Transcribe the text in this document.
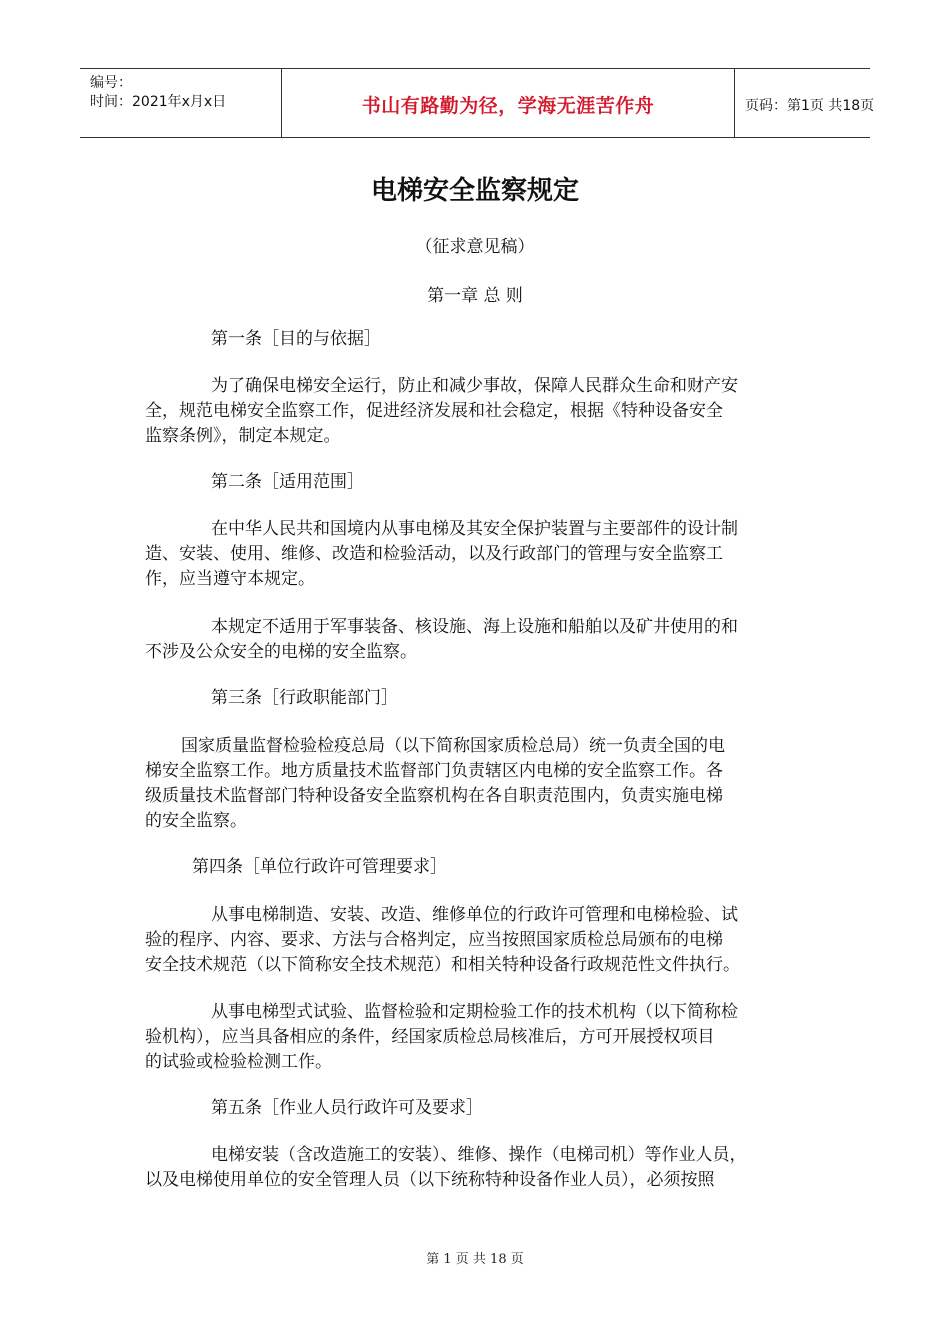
编号：
时间：2021年x月x日	书山有路勤为径，学海无涯苦作舟	页码：第1页 共18页
电梯安全监察规定
（征求意见稿）
第一章 总 则
第一条［目的与依据］
为了确保电梯安全运行，防止和减少事故，保障人民群众生命和财产安
全，规范电梯安全监察工作，促进经济发展和社会稳定，根据《特种设备安全
监察条例》，制定本规定。
第二条［适用范围］
在中华人民共和国境内从事电梯及其安全保护装置与主要部件的设计制
造、安装、使用、维修、改造和检验活动，以及行政部门的管理与安全监察工
作，应当遵守本规定。
本规定不适用于军事装备、核设施、海上设施和船舶以及矿井使用的和
不涉及公众安全的电梯的安全监察。
第三条［行政职能部门］
国家质量监督检验检疫总局（以下简称国家质检总局）统一负责全国的电
梯安全监察工作。地方质量技术监督部门负责辖区内电梯的安全监察工作。各
级质量技术监督部门特种设备安全监察机构在各自职责范围内，负责实施电梯
的安全监察。
第四条［单位行政许可管理要求］
从事电梯制造、安装、改造、维修单位的行政许可管理和电梯检验、试
验的程序、内容、要求、方法与合格判定，应当按照国家质检总局颁布的电梯
安全技术规范（以下简称安全技术规范）和相关特种设备行政规范性文件执行。
从事电梯型式试验、监督检验和定期检验工作的技术机构（以下简称检
验机构），应当具备相应的条件，经国家质检总局核准后，方可开展授权项目
的试验或检验检测工作。
第五条［作业人员行政许可及要求］
电梯安装（含改造施工的安装）、维修、操作（电梯司机）等作业人员，
以及电梯使用单位的安全管理人员（以下统称特种设备作业人员），必须按照
第 1 页 共 18 页
